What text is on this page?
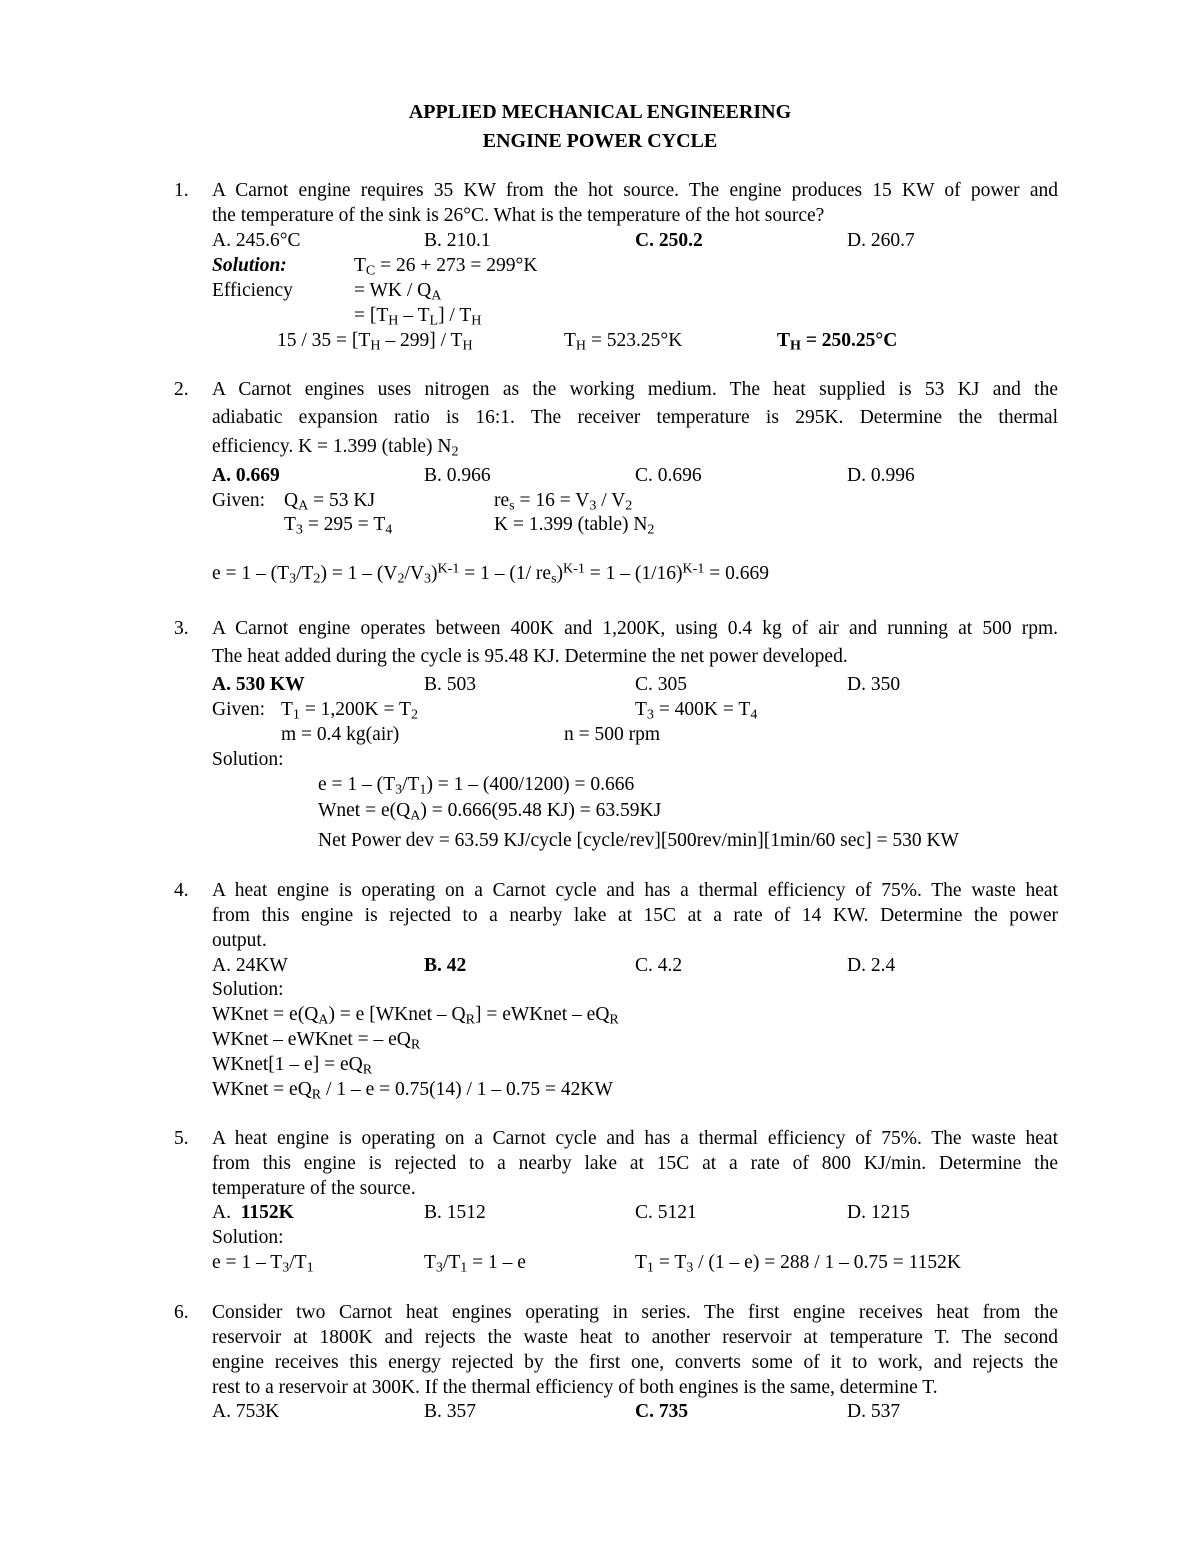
APPLIED MECHANICAL ENGINEERING
ENGINE POWER CYCLE
1. A Carnot engine requires 35 KW from the hot source. The engine produces 15 KW of power and
the temperature of the sink is 26°C. What is the temperature of the hot source?
A. 245.6°C	B. 210.1	C. 250.2	D. 260.7
Solution:	$T_C = 26 + 273 = 299^\circ K$
Efficiency	= WK / $Q_A$
= $[T_H - T_L] / T_H$
$15 / 35 = [T_H - 299] / T_H$	$T_H = 523.25^\circ K$	$T_H = 250.25^\circ C$
2. A Carnot engines uses nitrogen as the working medium. The heat supplied is 53 KJ and the
adiabatic expansion ratio is 16:1. The receiver temperature is 295K. Determine the thermal
efficiency. K = 1.399 (table) $N_2$
A. 0.669	B. 0.966	C. 0.696	D. 0.996
Given: $Q_A = 53$ KJ	$re_s = 16 = V_3 / V_2$
$T_3 = 295 = T_4$	K = 1.399 (table) $N_2$
$e = 1 - (T_3/T_2) = 1 - (V_2/V_3)^{K-1} = 1 - (1/$ $re_s)^{K-1} = 1 - (1/16)^{K-1} = 0.669$
3. A Carnot engine operates between 400K and 1,200K, using 0.4 kg of air and running at 500 rpm.
The heat added during the cycle is 95.48 KJ. Determine the net power developed.
A. 530 KW	B. 503	C. 305	D. 350
Given: $T_1 = 1,200K = T_2$	$T_3 = 400K = T_4$
m = 0.4 kg(air)	n = 500 rpm
Solution:
$e = 1 - (T_3/T_1) = 1 - (400/1200) = 0.666$
Wnet = $e(Q_A) = 0.666(95.48$ KJ) = 63.59KJ
Net Power dev = 63.59 KJ/cycle [cycle/rev][500rev/min][1min/60 sec] = 530 KW
4. A heat engine is operating on a Carnot cycle and has a thermal efficiency of 75%. The waste heat
from this engine is rejected to a nearby lake at 15C at a rate of 14 KW. Determine the power
output.
A. 24KW	B. 42	C. 4.2	D. 2.4
Solution:
WKnet = $e(Q_A) = e$ [WKnet – $Q_R$] = eWKnet – $eQ_R$
WKnet – eWKnet = – $eQ_R$
WKnet[1 – $e] = eQ_R$
WKnet = $eQ_R / 1 - e = 0.75(14) / 1 - 0.75 = 42KW$
5. A heat engine is operating on a Carnot cycle and has a thermal efficiency of 75%. The waste heat
from this engine is rejected to a nearby lake at 15C at a rate of 800 KJ/min. Determine the
temperature of the source.
A. 1152K	B. 1512	C. 5121	D. 1215
Solution:
$e = 1 - T_3/T_1$	$T_3/T_1 = 1 - e$	$T_1 = T_3 / (1 - e) = 288 / 1 - 0.75 = 1152K$
6. Consider two Carnot heat engines operating in series. The first engine receives heat from the
reservoir at 1800K and rejects the waste heat to another reservoir at temperature T. The second
engine receives this energy rejected by the first one, converts some of it to work, and rejects the
rest to a reservoir at 300K. If the thermal efficiency of both engines is the same, determine T.
A. 753K	B. 357	C. 735	D. 537
